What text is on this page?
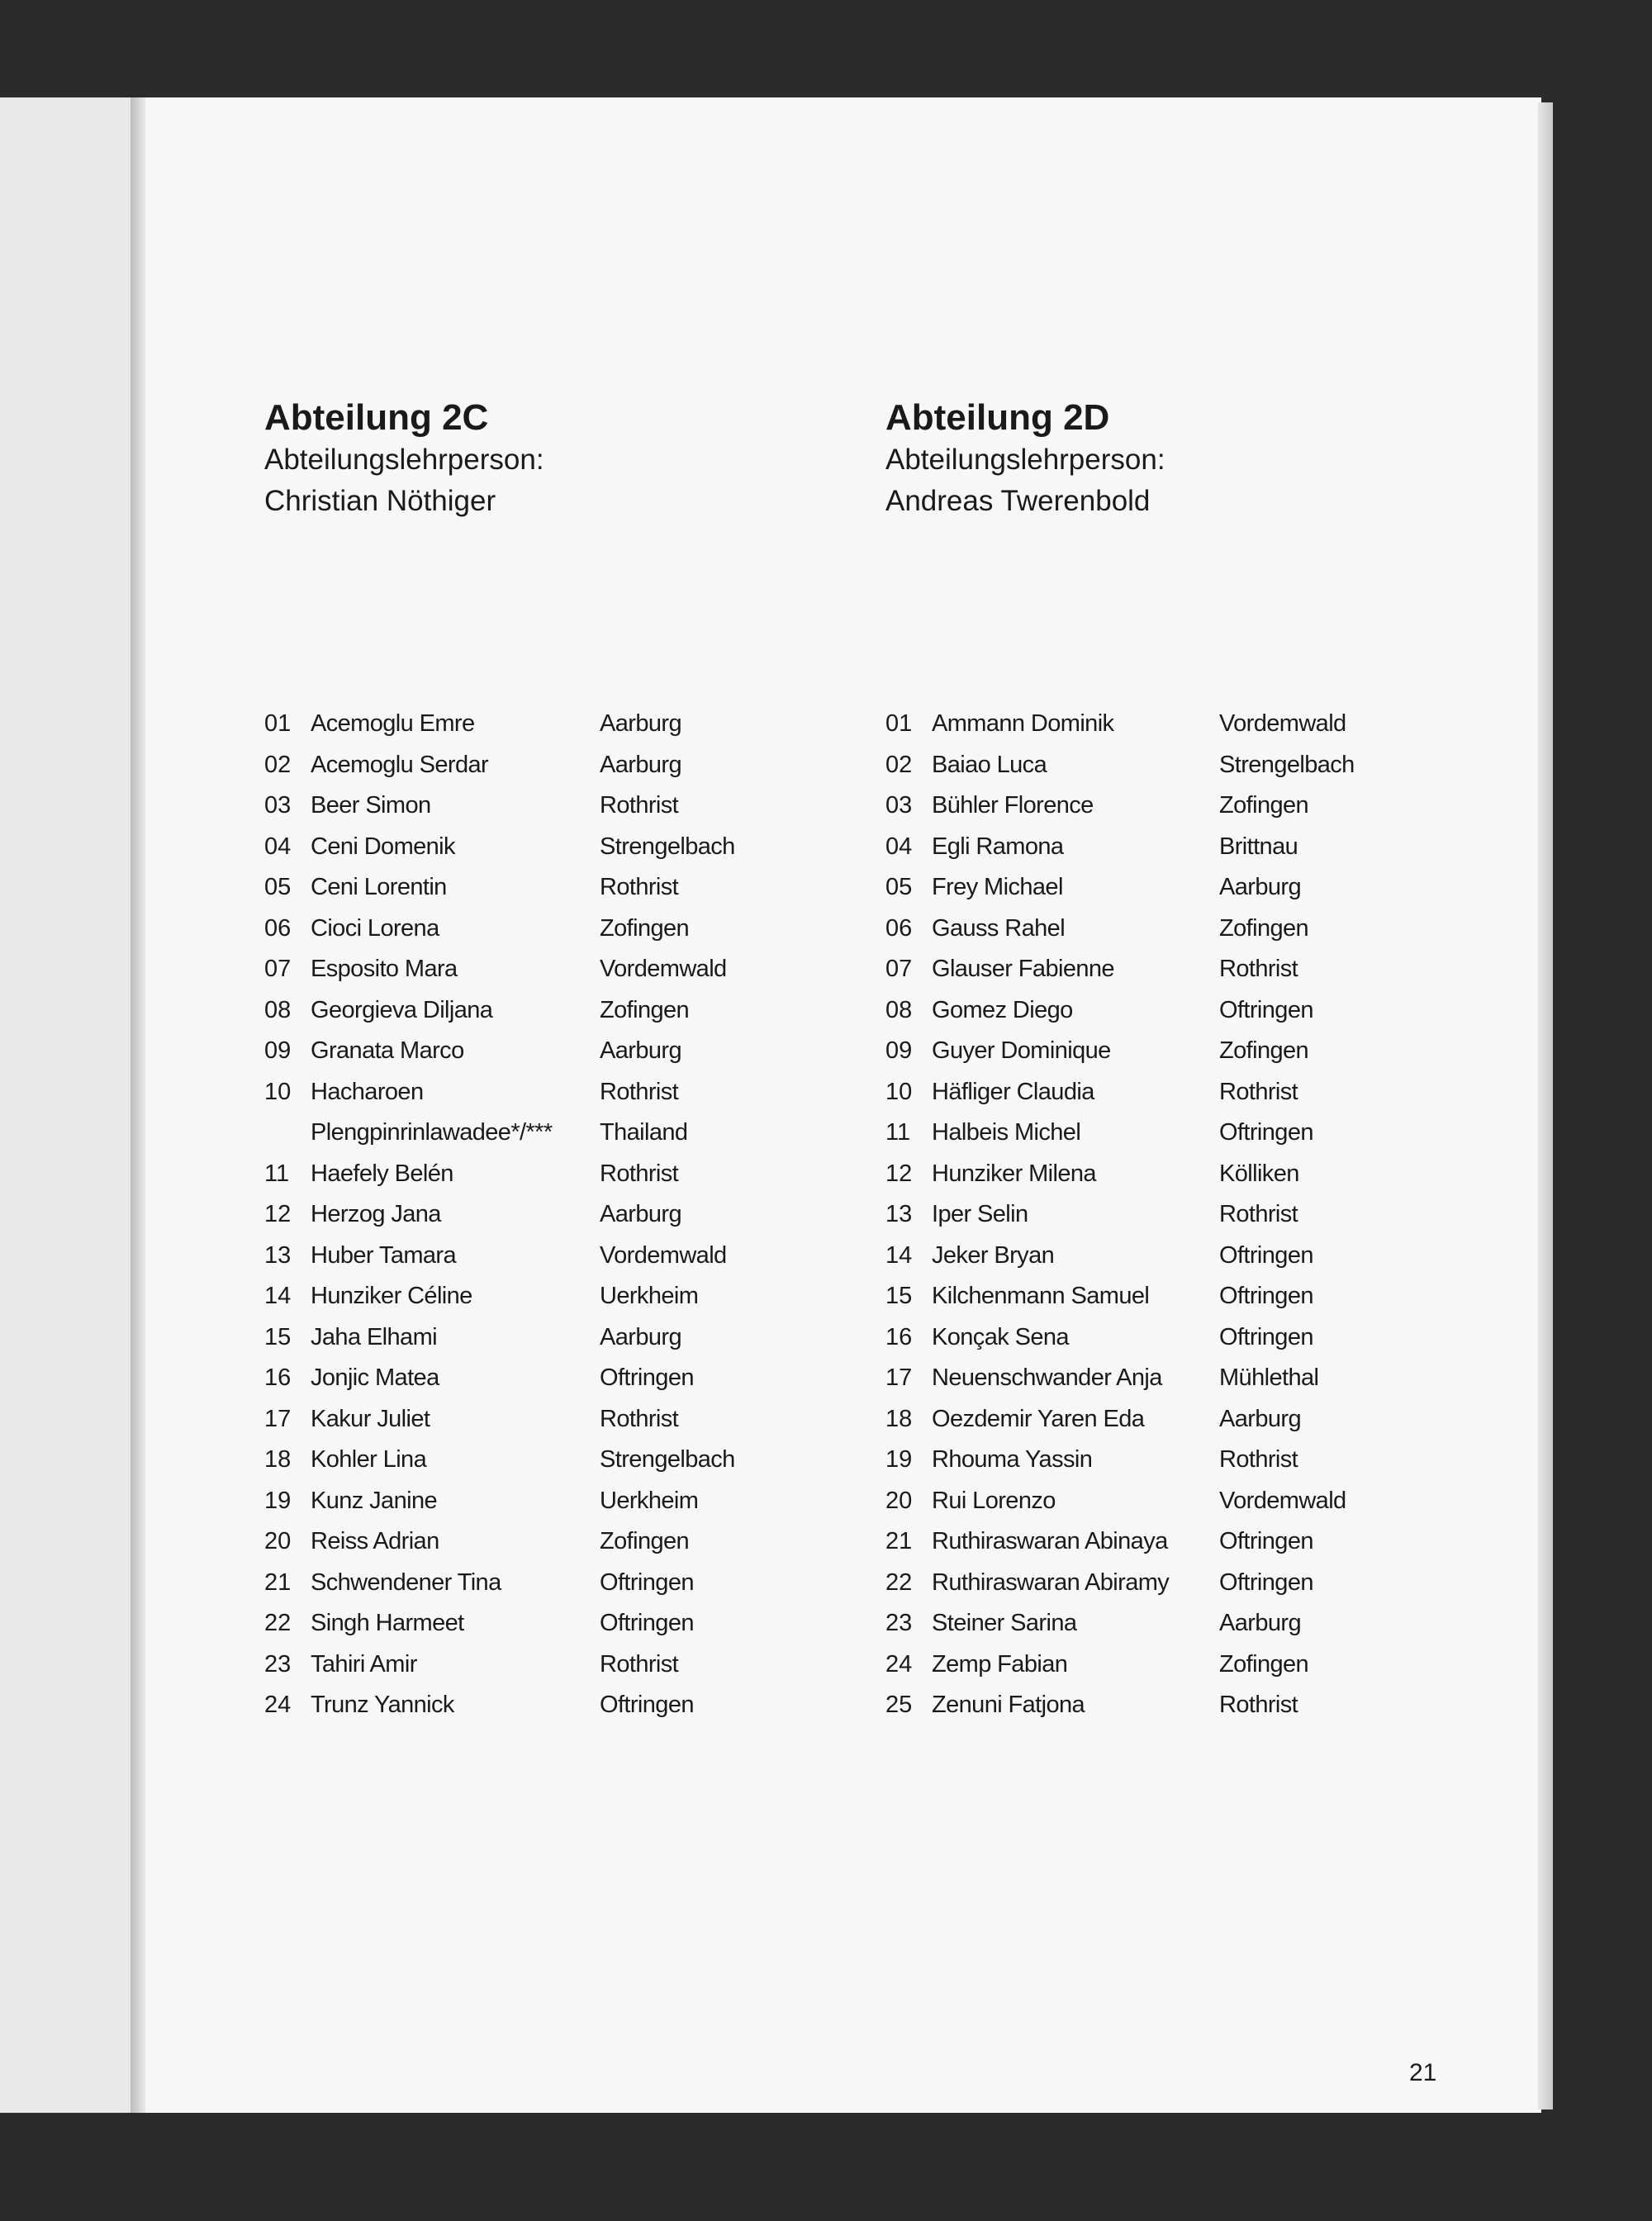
Abteilung 2C
Abteilungslehrperson:
Christian Nöthiger
01 Acemoglu Emre	Aarburg
02 Acemoglu Serdar	Aarburg
03 Beer Simon	Rothrist
04 Ceni Domenik	Strengelbach
05 Ceni Lorentin	Rothrist
06 Cioci Lorena	Zofingen
07 Esposito Mara	Vordemwald
08 Georgieva Diljana	Zofingen
09 Granata Marco	Aarburg
10 Hacharoen	Rothrist
Plengpinrinlawadee*/*** Thailand
11 Haefely Belén	Rothrist
12 Herzog Jana	Aarburg
13 Huber Tamara	Vordemwald
14 Hunziker Céline	Uerkheim
15 Jaha Elhami	Aarburg
16 Jonjic Matea	Oftringen
17 Kakur Juliet	Rothrist
18 Kohler Lina	Strengelbach
19 Kunz Janine	Uerkheim
20 Reiss Adrian	Zofingen
21 Schwendener Tina	Oftringen
22 Singh Harmeet	Oftringen
23 Tahiri Amir	Rothrist
24 Trunz Yannick	Oftringen
Abteilung 2D
Abteilungslehrperson:
Andreas Twerenbold
01 Ammann Dominik	Vordemwald
02 Baiao Luca	Strengelbach
03 Bühler Florence	Zofingen
04 Egli Ramona	Brittnau
05 Frey Michael	Aarburg
06 Gauss Rahel	Zofingen
07 Glauser Fabienne	Rothrist
08 Gomez Diego	Oftringen
09 Guyer Dominique	Zofingen
10 Häfliger Claudia	Rothrist
11 Halbeis Michel	Oftringen
12 Hunziker Milena	Kölliken
13 Iper Selin	Rothrist
14 Jeker Bryan	Oftringen
15 Kilchenmann Samuel	Oftringen
16 Konçak Sena	Oftringen
17 Neuenschwander Anja Mühlethal
18 Oezdemir Yaren Eda	Aarburg
19 Rhouma Yassin	Rothrist
20 Rui Lorenzo	Vordemwald
21 Ruthiraswaran Abinaya Oftringen
22 Ruthiraswaran Abiramy Oftringen
23 Steiner Sarina	Aarburg
24 Zemp Fabian	Zofingen
25 Zenuni Fatjona	Rothrist
21
